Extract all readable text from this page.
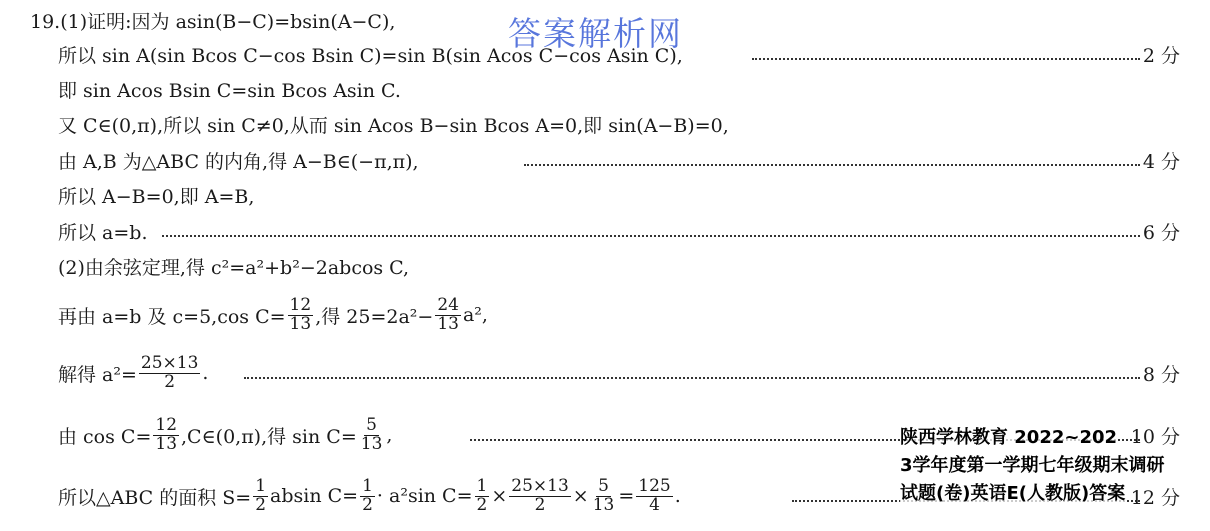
答案解析网
19.(1)证明:因为 asin(B−C)=bsin(A−C),
所以 sin A(sin Bcos C−cos Bsin C)=sin B(sin Acos C−cos Asin C),	2 分
即 sin Acos Bsin C=sin Bcos Asin C.
又 C∈(0,π),所以 sin C≠0,从而 sin Acos B−sin Bcos A=0,即 sin(A−B)=0,
由 A,B 为△ABC 的内角,得 A−B∈(−π,π),	4 分
所以 A−B=0,即 A=B,
所以 a=b.	6 分
(2)由余弦定理,得 c²=a²+b²−2abcos C,
再由 a=b 及 c=5,cos $C= \frac{12}{13}$ ,得 $25=2a^2- \frac{24}{13} a^2$,
解得 $a^2= \frac{25\times 13}{2}$ .	8 分
由 $\cos C= \frac{12}{13}$ ,C∈(0,π),得 $\sin C= \frac{5}{13}$ ,	10 分
所以△ABC 的面积 $S= \frac{1}{2}$ absin $C= \frac{1}{2} \cdot a^2\sin$ $C= \frac{1}{2} \times \frac{25\times 13}{2} \times \frac{5}{13} = \frac{125}{4}$ .	12 分
陕西学林教育 2022~202
3学年度第一学期七年级期末调研
试题(卷)英语E(人教版)答案
